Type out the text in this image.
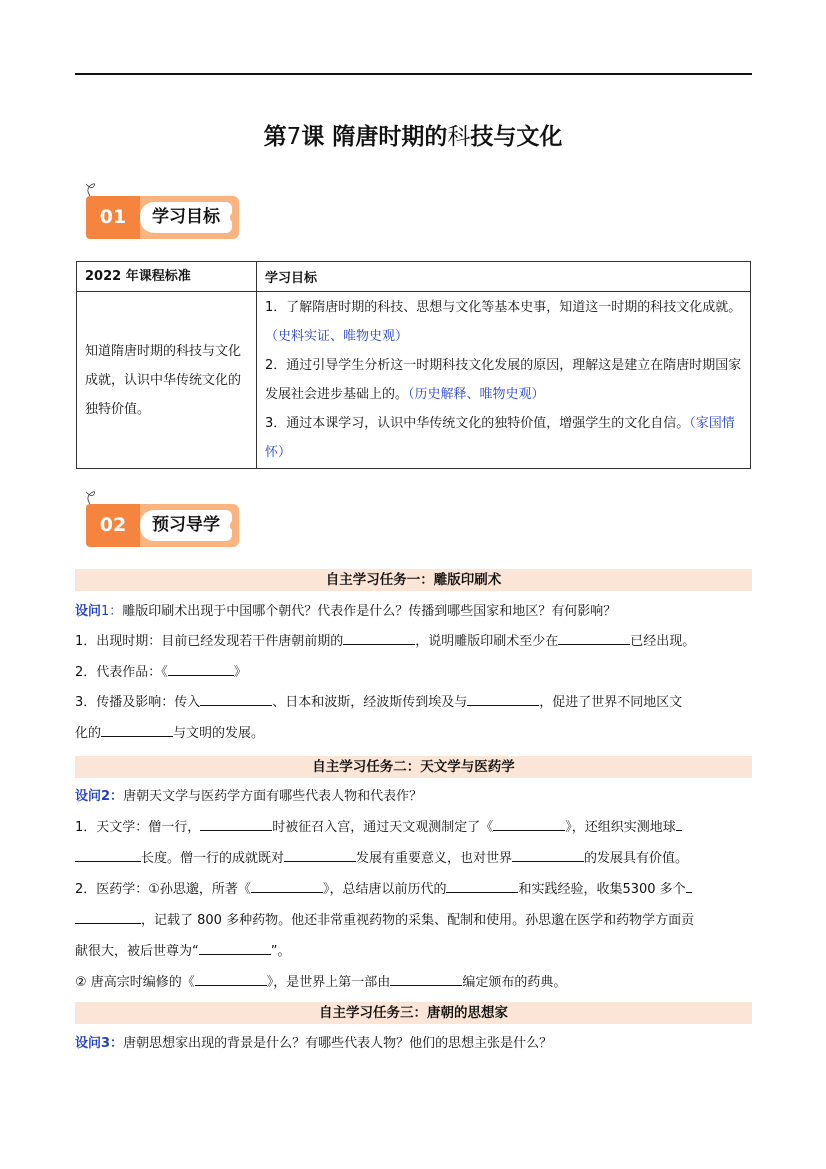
第7课 隋唐时期的科技与文化
01	学习目标
2022 年课程标准	学习目标
知道隋唐时期的科技与文化成就，认识中华传统文化的独特价值。	1．了解隋唐时期的科技、思想与文化等基本史事，知道这一时期的科技文化成就。（史料实证、唯物史观）
2．通过引导学生分析这一时期科技文化发展的原因，理解这是建立在隋唐时期国家发展社会进步基础上的。（历史解释、唯物史观）
3．通过本课学习，认识中华传统文化的独特价值，增强学生的文化自信。（家国情怀）
02	预习导学
自主学习任务一：雕版印刷术
设问1：雕版印刷术出现于中国哪个朝代？代表作是什么？传播到哪些国家和地区？有何影响？
1．出现时期：目前已经发现若干件唐朝前期的	，说明雕版印刷术至少在	已经出现。
2．代表作品：《	》
3．传播及影响：传入	、日本和波斯，经波斯传到埃及与	，促进了世界不同地区文
化的	与文明的发展。
自主学习任务二：天文学与医药学
设问2：唐朝天文学与医药学方面有哪些代表人物和代表作？
1．天文学：僧一行，	时被征召入宫，通过天文观测制定了《	》，还组织实测地球
长度。僧一行的成就既对	发展有重要意义，也对世界	的发展具有价值。
2．医药学：①孙思邈，所著《	》，总结唐以前历代的	和实践经验，收集5300 多个
，记载了 800 多种药物。他还非常重视药物的采集、配制和使用。孙思邈在医学和药物学方面贡
献很大，被后世尊为“	”。
② 唐高宗时编修的《	》，是世界上第一部由	编定颁布的药典。
自主学习任务三：唐朝的思想家
设问3：唐朝思想家出现的背景是什么？有哪些代表人物？他们的思想主张是什么？
